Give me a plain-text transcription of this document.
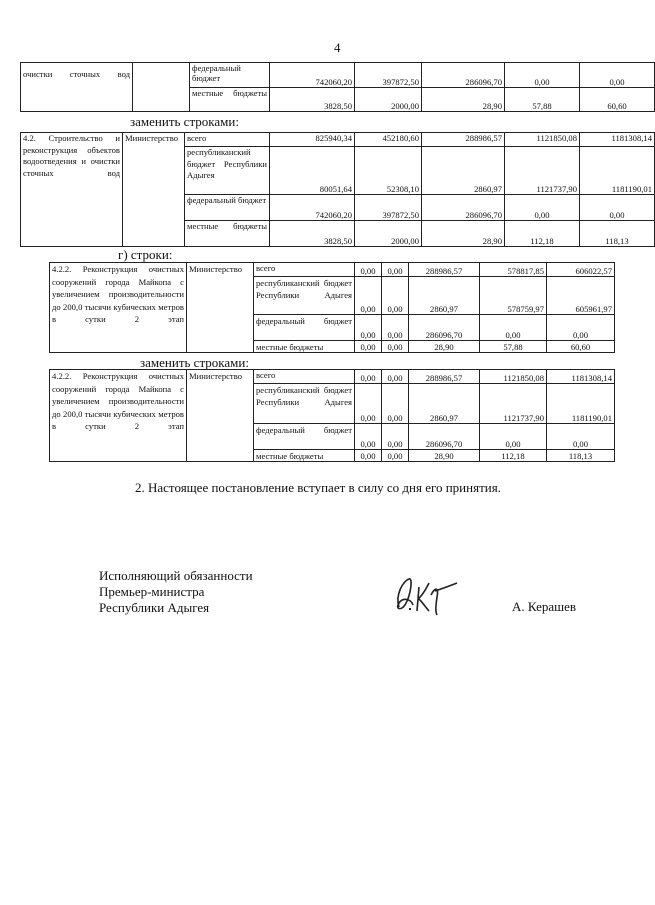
4
очистки сточных вод		федеральный бюджет	742060,20	397872,50	286096,70	0,00	0,00
		местные бюджеты	3828,50	2000,00	28,90	57,88	60,60
заменить строками:
4.2. Строительство и реконструкция объектов водоотведения и очистки сточных вод	Министерство	всего	825940,34	452180,60	288986,57	1121850,08	1181308,14
		республиканский бюджет Республики Адыгея	80051,64	52308,10	2860,97	1121737,90	1181190,01
		федеральный бюджет	742060,20	397872,50	286096,70	0,00	0,00
		местные бюджеты	3828,50	2000,00	28,90	112,18	118,13
г) строки:
4.2.2. Реконструкция очистных сооружений города Майкопа с увеличением производительности до 200,0 тысячи кубических метров в сутки 2 этап	Министерство	всего	0,00	0,00	288986,57	578817,85	606022,57
		республиканский бюджет Республики Адыгея	0,00	0,00	2860,97	578759,97	605961,97
		федеральный бюджет	0,00	0,00	286096,70	0,00	0,00
		местные бюджеты	0,00	0,00	28,90	57,88	60,60
заменить строками:
4.2.2. Реконструкция очистных сооружений города Майкопа с увеличением производительности до 200,0 тысячи кубических метров в сутки 2 этап	Министерство	всего	0,00	0,00	288986,57	1121850,08	1181308,14
		республиканский бюджет Республики Адыгея	0,00	0,00	2860,97	1121737,90	1181190,01
		федеральный бюджет	0,00	0,00	286096,70	0,00	0,00
		местные бюджеты	0,00	0,00	28,90	112,18	118,13
2. Настоящее постановление вступает в силу со дня его принятия.
Исполняющий обязанности
Премьер-министра
Республики Адыгея	А. Керашев
